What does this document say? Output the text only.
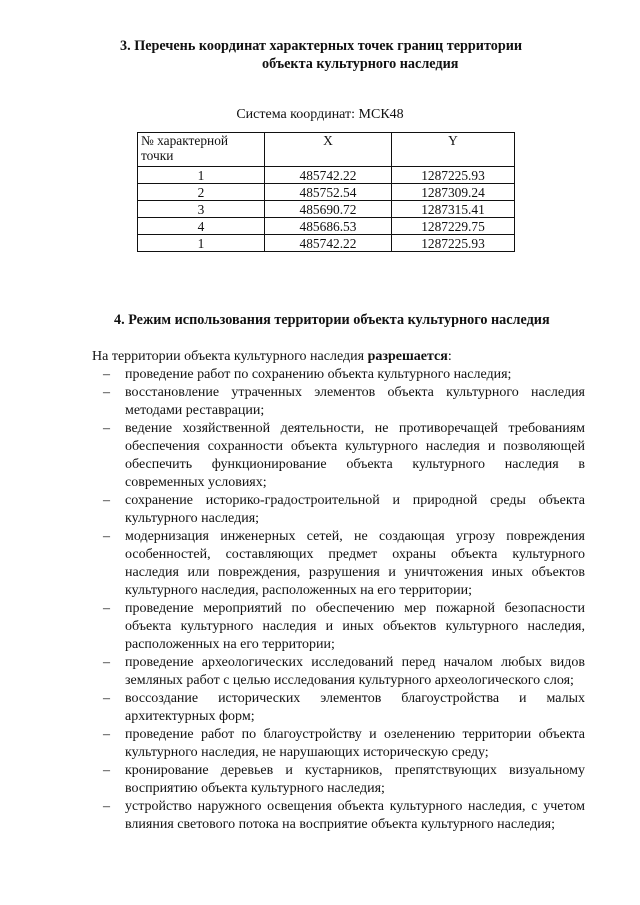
3. Перечень координат характерных точек границ территории
объекта культурного наследия
Система координат: МСК48
№ характерной точки	X	Y
1	485742.22	1287225.93
2	485752.54	1287309.24
3	485690.72	1287315.41
4	485686.53	1287229.75
1	485742.22	1287225.93
4. Режим использования территории объекта культурного наследия
На территории объекта культурного наследия разрешается:
– проведение работ по сохранению объекта культурного наследия;
– восстановление утраченных элементов объекта культурного наследия методами реставрации;
– ведение хозяйственной деятельности, не противоречащей требованиям обеспечения сохранности объекта культурного наследия и позволяющей обеспечить функционирование объекта культурного наследия в современных условиях;
– сохранение историко-градостроительной и природной среды объекта культурного наследия;
– модернизация инженерных сетей, не создающая угрозу повреждения особенностей, составляющих предмет охраны объекта культурного наследия или повреждения, разрушения и уничтожения иных объектов культурного наследия, расположенных на его территории;
– проведение мероприятий по обеспечению мер пожарной безопасности объекта культурного наследия и иных объектов культурного наследия, расположенных на его территории;
– проведение археологических исследований перед началом любых видов земляных работ с целью исследования культурного археологического слоя;
– воссоздание исторических элементов благоустройства и малых архитектурных форм;
– проведение работ по благоустройству и озеленению территории объекта культурного наследия, не нарушающих историческую среду;
– кронирование деревьев и кустарников, препятствующих визуальному восприятию объекта культурного наследия;
– устройство наружного освещения объекта культурного наследия, с учетом влияния светового потока на восприятие объекта культурного наследия;
